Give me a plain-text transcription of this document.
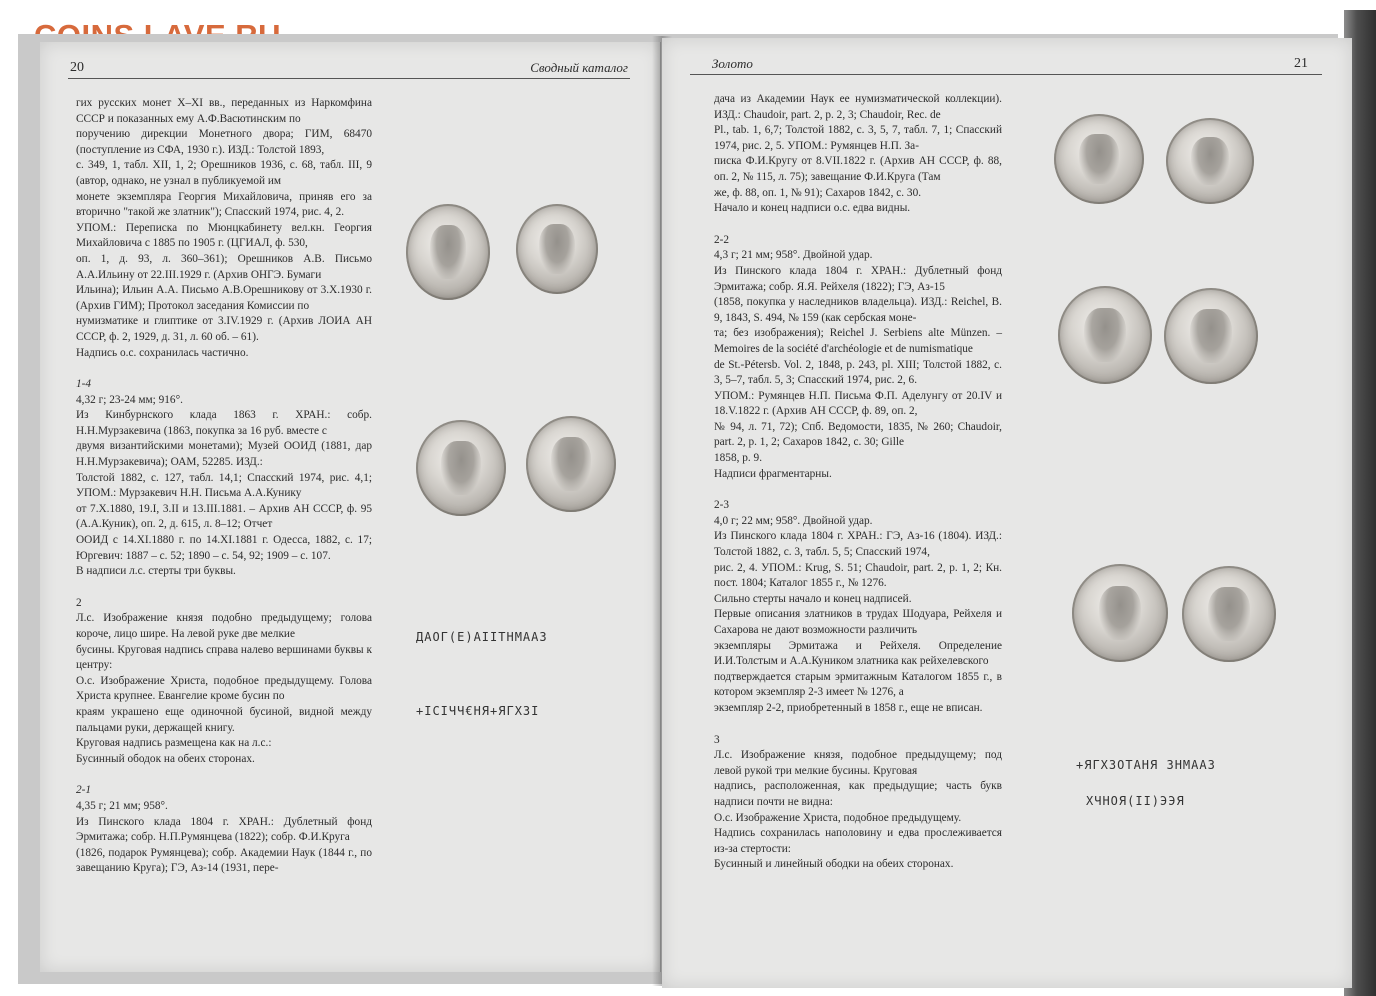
20	Сводный каталог

гих русских монет X–XI вв., переданных из Наркомфина СССР и показанных ему А.Ф.Васютинским по

поручению дирекции Монетного двора; ГИМ, 68470 (поступление из СФА, 1930 г.). ИЗД.: Толстой 1893,

с. 349, 1, табл. XII, 1, 2; Орешников 1936, с. 68, табл. III, 9 (автор, однако, не узнал в публикуемой им

монете экземпляра Георгия Михайловича, приняв его за вторично "такой же златник"); Спасский 1974, рис. 4, 2.

УПОМ.: Переписка по Мюнцкабинету вел.кн. Георгия Михайловича с 1885 по 1905 г. (ЦГИАЛ, ф. 530,

оп. 1, д. 93, л. 360–361); Орешников А.В. Письмо А.А.Ильину от 22.III.1929 г. (Архив ОНГЭ. Бумаги

Ильина); Ильин А.А. Письмо А.В.Орешникову от 3.X.1930 г. (Архив ГИМ); Протокол заседания Комиссии по

нумизматике и глиптике от 3.IV.1929 г. (Архив ЛОИА АН СССР, ф. 2, 1929, д. 31, л. 60 об. – 61).

Надпись о.с. сохранилась частично.

1-4

4,32 г; 23-24 мм; 916°.

Из Кинбурнского клада 1863 г. ХРАН.: собр. Н.Н.Мурзакевича (1863, покупка за 16 руб. вместе с

двумя византийскими монетами); Музей ООИД (1881, дар Н.Н.Мурзакевича); ОАМ, 52285. ИЗД.:

Толстой 1882, с. 127, табл. 14,1; Спасский 1974, рис. 4,1; УПОМ.: Мурзакевич Н.Н. Письма А.А.Кунику

от 7.X.1880, 19.I, 3.II и 13.III.1881. – Архив АН СССР, ф. 95 (А.А.Куник), оп. 2, д. 615, л. 8–12; Отчет

ООИД с 14.XI.1880 г. по 14.XI.1881 г. Одесса, 1882, с. 17; Юргевич: 1887 – с. 52; 1890 – с. 54, 92; 1909 – с. 107.

В надписи л.с. стерты три буквы.

2

Л.с. Изображение князя подобно предыдущему; голова короче, лицо шире. На левой руке две мелкие

бусины. Круговая надпись справа налево вершинами буквы к центру:

О.с. Изображение Христа, подобное предыдущему. Голова Христа крупнее. Евангелие кроме бусин по

краям украшено еще одиночной бусиной, видной между пальцами руки, держащей книгу.

Круговая надпись размещена как на л.с.:

Бусинный ободок на обеих сторонах.

2-1

4,35 г; 21 мм; 958°.

Из Пинского клада 1804 г. ХРАН.: Дублетный фонд Эрмитажа; собр. Н.П.Румянцева (1822); собр. Ф.И.Круга

(1826, подарок Румянцева); собр. Академии Наук (1844 г., по завещанию Круга); ГЭ, Аз-14 (1931, пере-

ДАОГ(Е)АІІТНМААЗ
+ІСІЧЧ€НЯ+ЯГХЗІ
Золото	21

дача из Академии Наук ее нумизматической коллекции). ИЗД.: Chaudoir, part. 2, p. 2, 3; Chaudoir, Rec. de

Pl., tab. 1, 6,7; Толстой 1882, с. 3, 5, 7, табл. 7, 1; Спасский 1974, рис. 2, 5. УПОМ.: Румянцев Н.П. За-

писка Ф.И.Кругу от 8.VII.1822 г. (Архив АН СССР, ф. 88, оп. 2, № 115, л. 75); завещание Ф.И.Круга (Там

же, ф. 88, оп. 1, № 91); Сахаров 1842, с. 30.

Начало и конец надписи о.с. едва видны.

2-2

4,3 г; 21 мм; 958°. Двойной удар.

Из Пинского клада 1804 г. ХРАН.: Дублетный фонд Эрмитажа; собр. Я.Я. Рейхеля (1822); ГЭ, Аз-15

(1858, покупка у наследников владельца). ИЗД.: Reichel, B. 9, 1843, S. 494, № 159 (как сербская моне-

та; без изображения); Reichel J. Serbiens alte Münzen. – Memoires de la société d'archéologie et de numismatique

de St.-Pétersb. Vol. 2, 1848, p. 243, pl. XIII; Толстой 1882, с. 3, 5–7, табл. 5, 3; Спасский 1974, рис. 2, 6.

УПОМ.: Румянцев Н.П. Письма Ф.П. Аделунгу от 20.IV и 18.V.1822 г. (Архив АН СССР, ф. 89, оп. 2,

№ 94, л. 71, 72); Спб. Ведомости, 1835, № 260; Chaudoir, part. 2, p. 1, 2; Сахаров 1842, с. 30; Gille

1858, p. 9.

Надписи фрагментарны.

2-3

4,0 г; 22 мм; 958°. Двойной удар.

Из Пинского клада 1804 г. ХРАН.: ГЭ, Аз-16 (1804). ИЗД.: Толстой 1882, с. 3, табл. 5, 5; Спасский 1974,

рис. 2, 4. УПОМ.: Krug, S. 51; Chaudoir, part. 2, p. 1, 2; Кн. пост. 1804; Каталог 1855 г., № 1276.

Сильно стерты начало и конец надписей.

Первые описания златников в трудах Шодуара, Рейхеля и Сахарова не дают возможности различить

экземпляры Эрмитажа и Рейхеля. Определение И.И.Толстым и А.А.Куником златника как рейхелевского

подтверждается старым эрмитажным Каталогом 1855 г., в котором экземпляр 2-3 имеет № 1276, а

экземпляр 2-2, приобретенный в 1858 г., еще не вписан.

3

Л.с. Изображение князя, подобное предыдущему; под левой рукой три мелкие бусины. Круговая

надпись, расположенная, как предыдущие; часть букв надписи почти не видна:

О.с. Изображение Христа, подобное предыдущему.

Надпись сохранилась наполовину и едва прослеживается из-за стертости:

Бусинный и линейный ободки на обеих сторонах.

+ЯГХЗОТАНЯ ЗНМААЗ
ХЧНОЯ(ІІ)ЭЭЯ
